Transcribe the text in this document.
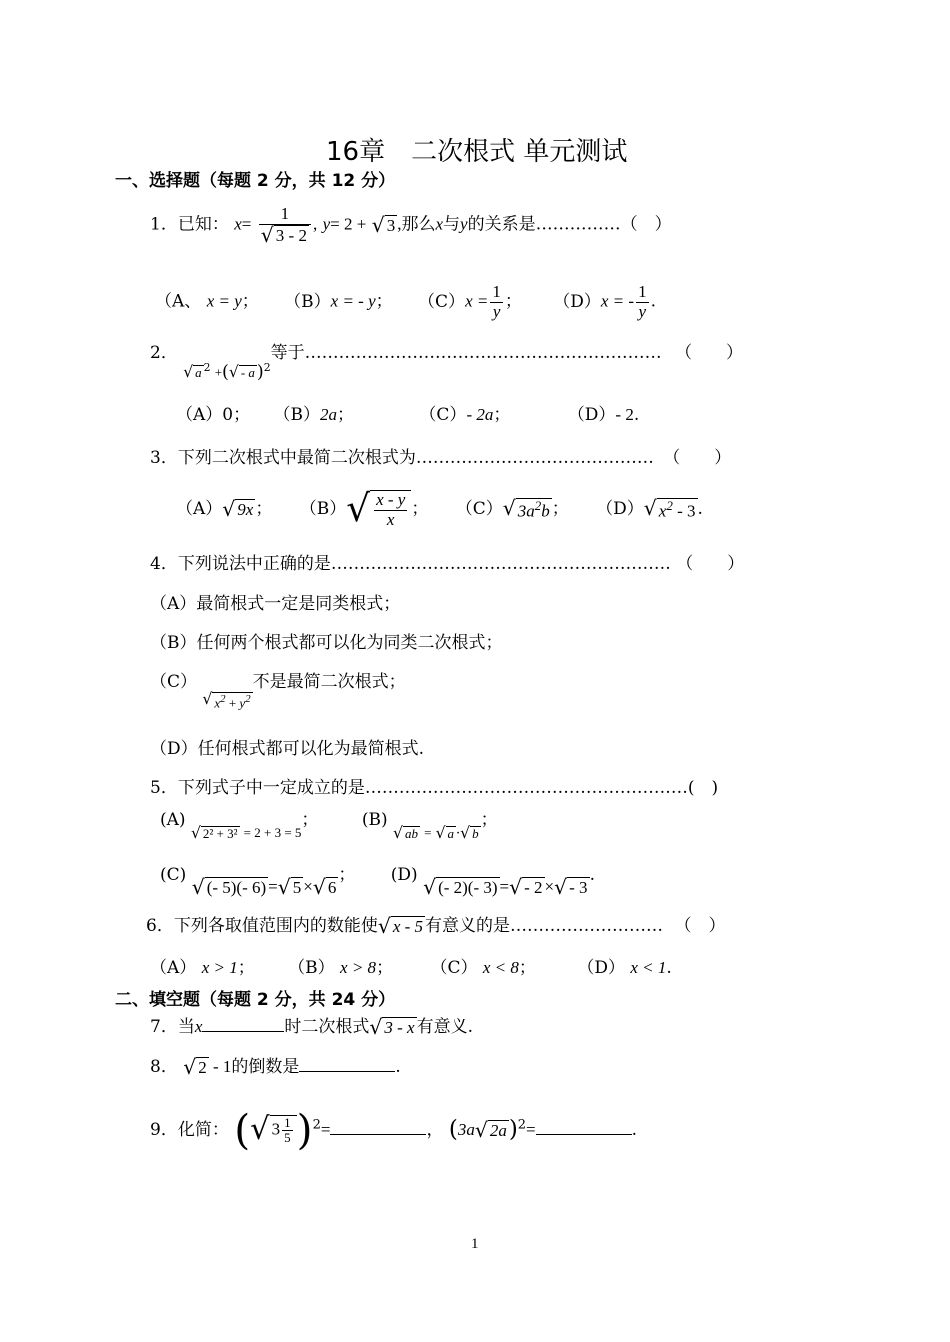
16章　二次根式 单元测试
一、选择题（每题 2 分，共 12 分）
1．已知： $x= \frac{1}{√ 3 - 2}$ , y= 2 + √ 3 ,那么x与y的关系是……………（　）
（A、 x = y； （B）x = - y； $(C)x = \frac{1}{y}$ ； （D）x = - $\frac{1}{y}$ .
2．
√ a $^2$ +( √ - a )$^2$等于……………………………………………………… （　　）
（A）0； （B）2a；	（C）- 2a；	（D）- 2.
3．下列二次根式中最简二次根式为…………………………………… （　　）
（A） √ 9x ； （B） √ $\frac{x - y}{x}$ ； （C） √ $3a^2b$ ； （D） √ $x^2 - 3$ .
4．下列说法中正确的是…………………………………………………… （　　）
（A）最简根式一定是同类根式；
（B）任何两个根式都可以化为同类二次根式；
（C）
√ $x^2 + y^2$
不是最简二次根式；
（D）任何根式都可以化为最简根式.
5．下列式子中一定成立的是…………………………………………………(　)
(A)
√ 2² + 3² = 2 + 3 = 5；	(B)
√ ab = √ a · √ b
；
(C)
√ (- 5)(- 6) = √ 5 × √ 6
； (D)
√ (- 2)(- 3) = √ - 2 × √ - 3
.
6．下列各取值范围内的数能使 √ x - 5 有意义的是……………………… （　）
（A） x > 1； （B） x > 8； （C） x < 8； （D） x < 1.
二、填空题（每题 2 分，共 24 分）
7．当x	时二次根式 √ 3 - x 有意义.
8． √ 2 - 1的倒数是	.
9．化简： ( √ $3 \frac{1}{5} )^2=$	， (3a √ 2a )$^2$=	.
1
